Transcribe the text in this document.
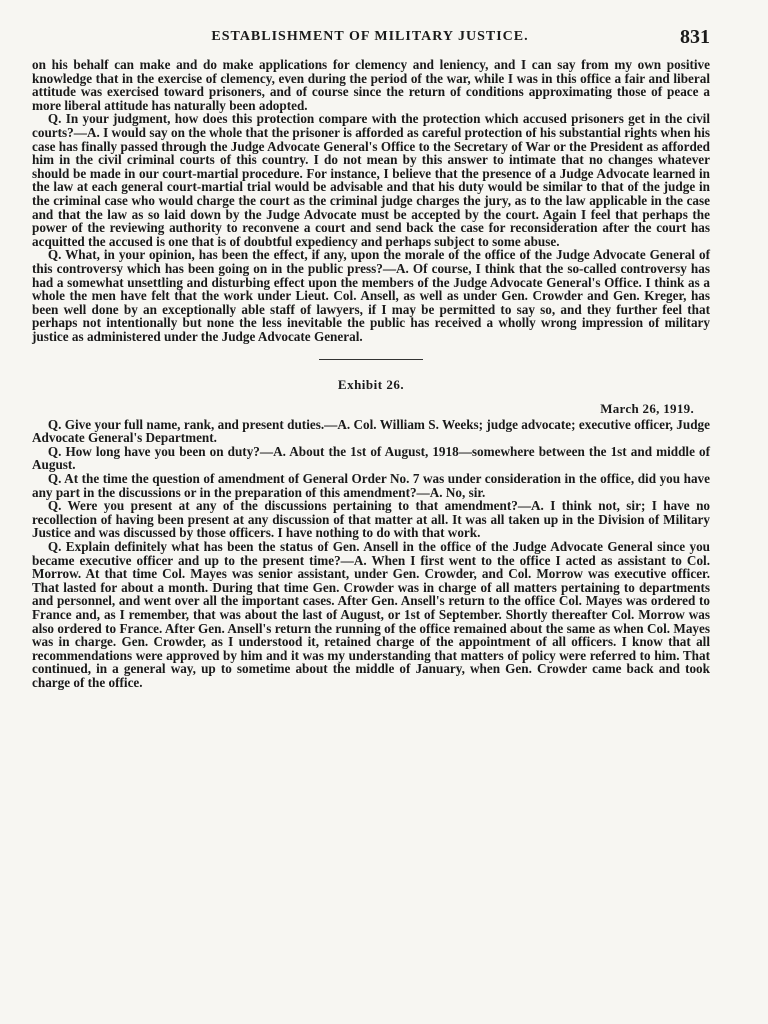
ESTABLISHMENT OF MILITARY JUSTICE.	831

on his behalf can make and do make applications for clemency and leniency, and I can say from my own positive knowledge that in the exercise of clemency, even during the period of the war, while I was in this office a fair and liberal attitude was exercised toward prisoners, and of course since the return of conditions approximating those of peace a more liberal attitude has naturally been adopted.

Q. In your judgment, how does this protection compare with the protection which accused prisoners get in the civil courts?—A. I would say on the whole that the prisoner is afforded as careful protection of his substantial rights when his case has finally passed through the Judge Advocate General's Office to the Secretary of War or the President as afforded him in the civil criminal courts of this country. I do not mean by this answer to intimate that no changes whatever should be made in our court-martial procedure. For instance, I believe that the presence of a Judge Advocate learned in the law at each general court-martial trial would be advisable and that his duty would be similar to that of the judge in the criminal case who would charge the court as the criminal judge charges the jury, as to the law applicable in the case and that the law as so laid down by the Judge Advocate must be accepted by the court. Again I feel that perhaps the power of the reviewing authority to reconvene a court and send back the case for reconsideration after the court has acquitted the accused is one that is of doubtful expediency and perhaps subject to some abuse.

Q. What, in your opinion, has been the effect, if any, upon the morale of the office of the Judge Advocate General of this controversy which has been going on in the public press?—A. Of course, I think that the so-called controversy has had a somewhat unsettling and disturbing effect upon the members of the Judge Advocate General's Office. I think as a whole the men have felt that the work under Lieut. Col. Ansell, as well as under Gen. Crowder and Gen. Kreger, has been well done by an exceptionally able staff of lawyers, if I may be permitted to say so, and they further feel that perhaps not intentionally but none the less inevitable the public has received a wholly wrong impression of military justice as administered under the Judge Advocate General.

Exhibit 26.
March 26, 1919.

Q. Give your full name, rank, and present duties.—A. Col. William S. Weeks; judge advocate; executive officer, Judge Advocate General's Department.

Q. How long have you been on duty?—A. About the 1st of August, 1918—somewhere between the 1st and middle of August.

Q. At the time the question of amendment of General Order No. 7 was under consideration in the office, did you have any part in the discussions or in the preparation of this amendment?—A. No, sir.

Q. Were you present at any of the discussions pertaining to that amendment?—A. I think not, sir; I have no recollection of having been present at any discussion of that matter at all. It was all taken up in the Division of Military Justice and was discussed by those officers. I have nothing to do with that work.

Q. Explain definitely what has been the status of Gen. Ansell in the office of the Judge Advocate General since you became executive officer and up to the present time?—A. When I first went to the office I acted as assistant to Col. Morrow. At that time Col. Mayes was senior assistant, under Gen. Crowder, and Col. Morrow was executive officer. That lasted for about a month. During that time Gen. Crowder was in charge of all matters pertaining to departments and personnel, and went over all the important cases. After Gen. Ansell's return to the office Col. Mayes was ordered to France and, as I remember, that was about the last of August, or 1st of September. Shortly thereafter Col. Morrow was also ordered to France. After Gen. Ansell's return the running of the office remained about the same as when Col. Mayes was in charge. Gen. Crowder, as I understood it, retained charge of the appointment of all officers. I know that all recommendations were approved by him and it was my understanding that matters of policy were referred to him. That continued, in a general way, up to sometime about the middle of January, when Gen. Crowder came back and took charge of the office.
